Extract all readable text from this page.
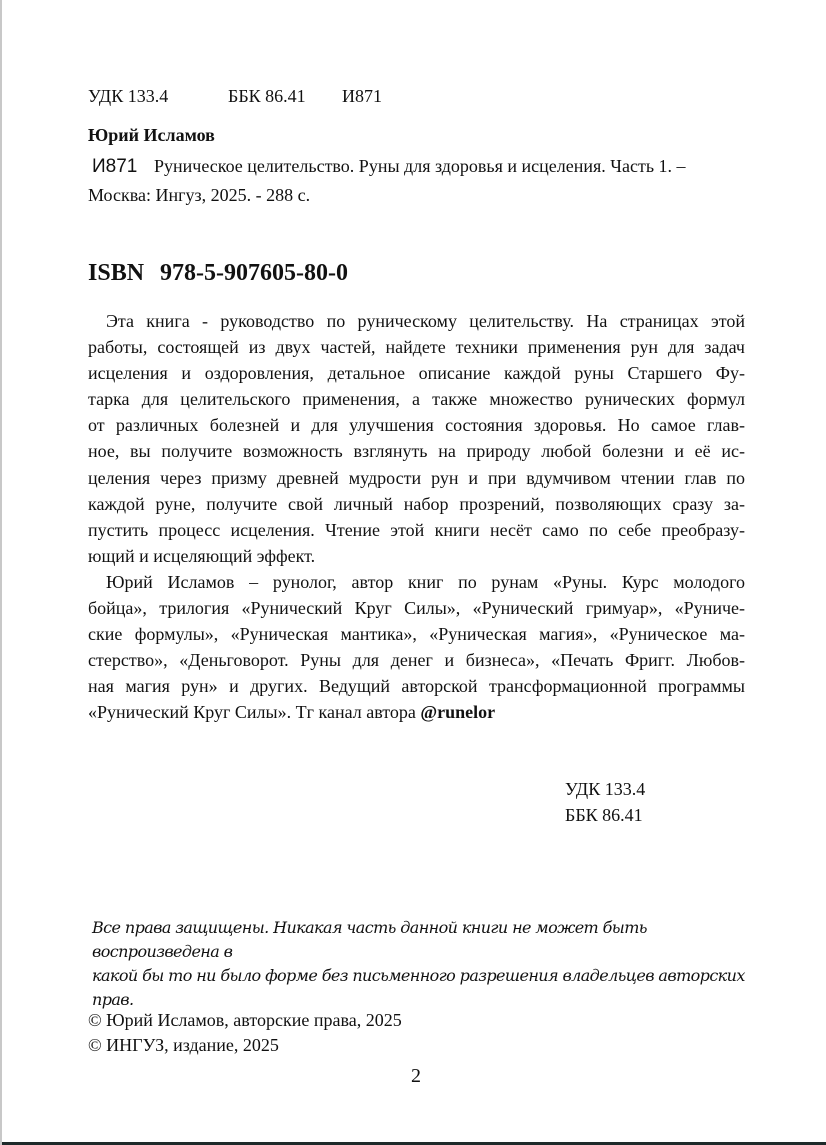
УДК 133.4	ББК 86.41 И871
Юрий Исламов
И871 Руническое целительство. Руны для здоровья и исцеления. Часть 1. –
Москва: Ингуз, 2025. - 288 с.
ISBN 978-5-907605-80-0
Эта книга - руководство по руническому целительству. На страницах этой
работы, состоящей из двух частей, найдете техники применения рун для задач
исцеления и оздоровления, детальное описание каждой руны Старшего Фу-
тарка для целительского применения, а также множество рунических формул
от различных болезней и для улучшения состояния здоровья. Но самое глав-
ное, вы получите возможность взглянуть на природу любой болезни и её ис-
целения через призму древней мудрости рун и при вдумчивом чтении глав по
каждой руне, получите свой личный набор прозрений, позволяющих сразу за-
пустить процесс исцеления. Чтение этой книги несёт само по себе преобразу-
ющий и исцеляющий эффект.
Юрий Исламов – рунолог, автор книг по рунам «Руны. Курс молодого
бойца», трилогия «Рунический Круг Силы», «Рунический гримуар», «Руниче-
ские формулы», «Руническая мантика», «Руническая магия», «Руническое ма-
стерство», «Деньговорот. Руны для денег и бизнеса», «Печать Фригг. Любов-
ная магия рун» и других. Ведущий авторской трансформационной программы
«Рунический Круг Силы». Тг канал автора @runelor
УДК 133.4
ББК 86.41
Все права защищены. Никакая часть данной книги не может быть воспроизведена в
какой бы то ни было форме без письменного разрешения владельцев авторских прав.
© Юрий Исламов, авторские права, 2025
© ИНГУЗ, издание, 2025
2
